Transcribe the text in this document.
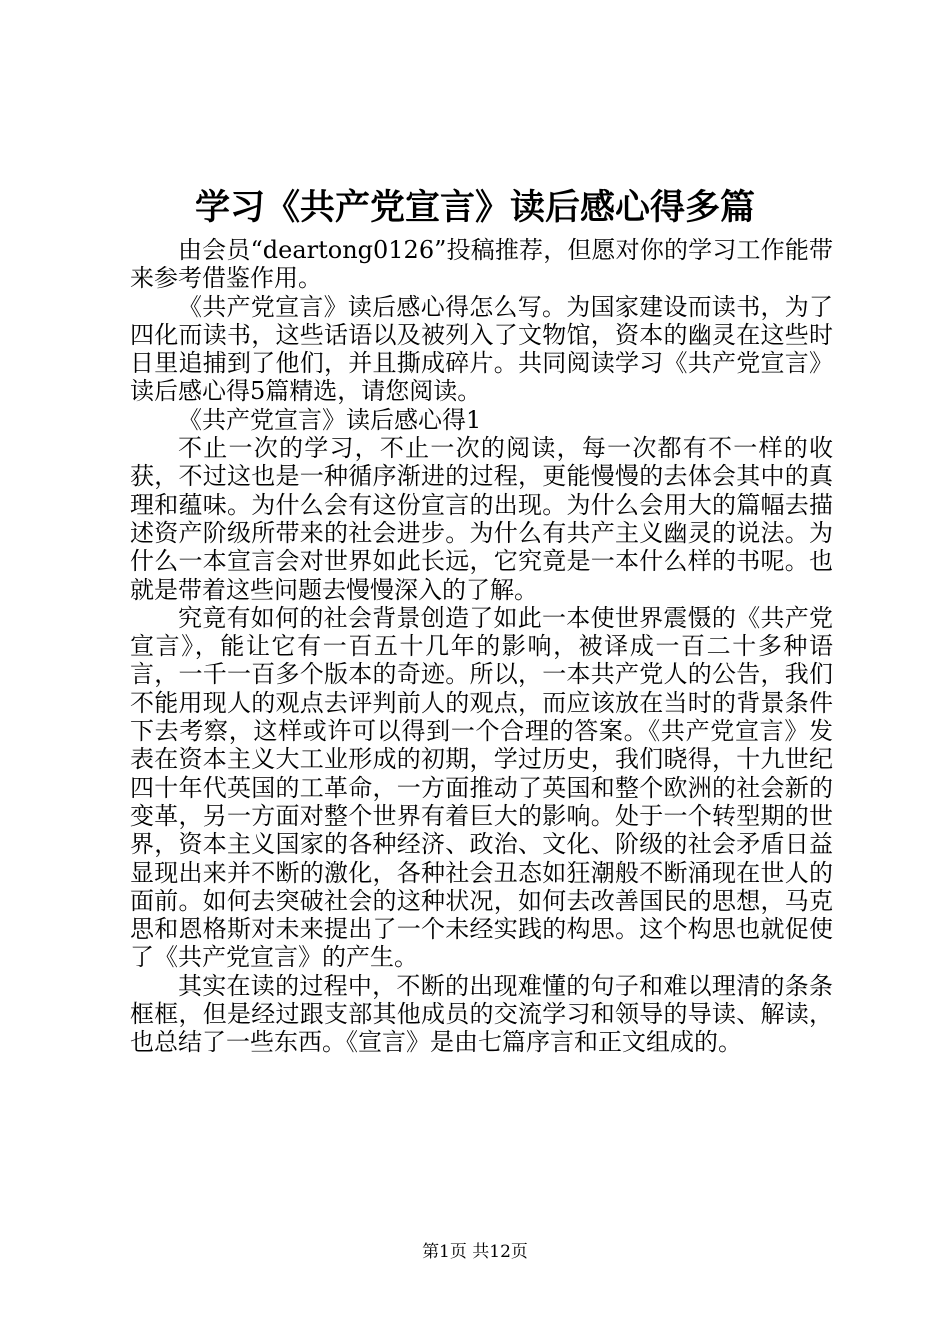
学习《共产党宣言》读后感心得多篇

由会员“deartong0126”投稿推荐，但愿对你的学习工作能带来参考借鉴作用。

《共产党宣言》读后感心得怎么写。为国家建设而读书，为了四化而读书，这些话语以及被列入了文物馆，资本的幽灵在这些时日里追捕到了他们，并且撕成碎片。共同阅读学习《共产党宣言》读后感心得5篇精选，请您阅读。

《共产党宣言》读后感心得1

不止一次的学习，不止一次的阅读，每一次都有不一样的收获，不过这也是一种循序渐进的过程，更能慢慢的去体会其中的真理和蕴味。为什么会有这份宣言的出现。为什么会用大的篇幅去描述资产阶级所带来的社会进步。为什么有共产主义幽灵的说法。为什么一本宣言会对世界如此长远，它究竟是一本什么样的书呢。也就是带着这些问题去慢慢深入的了解。

究竟有如何的社会背景创造了如此一本使世界震慑的《共产党宣言》，能让它有一百五十几年的影响，被译成一百二十多种语言，一千一百多个版本的奇迹。所以，一本共产党人的公告，我们不能用现人的观点去评判前人的观点，而应该放在当时的背景条件下去考察，这样或许可以得到一个合理的答案。《共产党宣言》发表在资本主义大工业形成的初期，学过历史，我们晓得，十九世纪四十年代英国的工革命，一方面推动了英国和整个欧洲的社会新的变革，另一方面对整个世界有着巨大的影响。处于一个转型期的世界，资本主义国家的各种经济、政治、文化、阶级的社会矛盾日益显现出来并不断的激化，各种社会丑态如狂潮般不断涌现在世人的面前。如何去突破社会的这种状况，如何去改善国民的思想，马克思和恩格斯对未来提出了一个未经实践的构思。这个构思也就促使了《共产党宣言》的产生。

其实在读的过程中，不断的出现难懂的句子和难以理清的条条框框，但是经过跟支部其他成员的交流学习和领导的导读、解读，也总结了一些东西。《宣言》是由七篇序言和正文组成的。

第1页 共12页
